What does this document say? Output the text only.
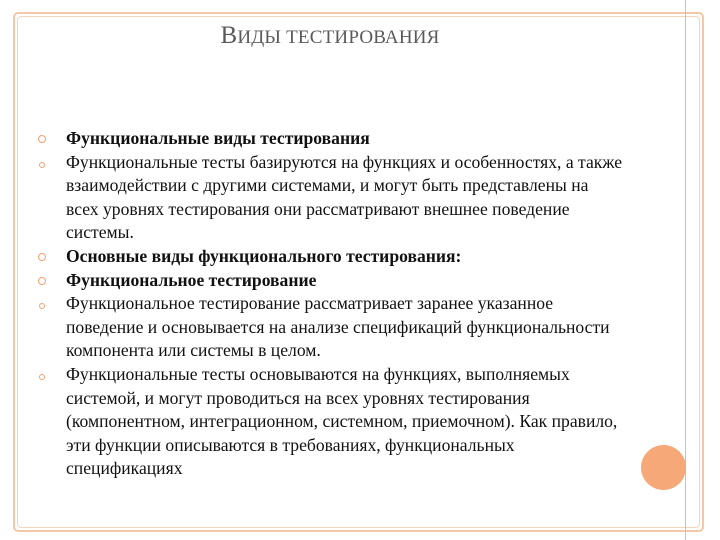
ВИДЫ ТЕСТИРОВАНИЯ
Функциональные виды тестирования
Функциональные тесты базируются на функциях и особенностях, а также взаимодействии с другими системами, и могут быть представлены на всех уровнях тестирования они рассматривают внешнее поведение системы.
Основные виды функционального тестирования:
Функциональное тестирование
Функциональное тестирование рассматривает заранее указанное поведение и основывается на анализе спецификаций функциональности компонента или системы в целом.
Функциональные тесты основываются на функциях, выполняемых системой, и могут проводиться на всех уровнях тестирования (компонентном, интеграционном, системном, приемочном). Как правило, эти функции описываются в требованиях, функциональных спецификациях
